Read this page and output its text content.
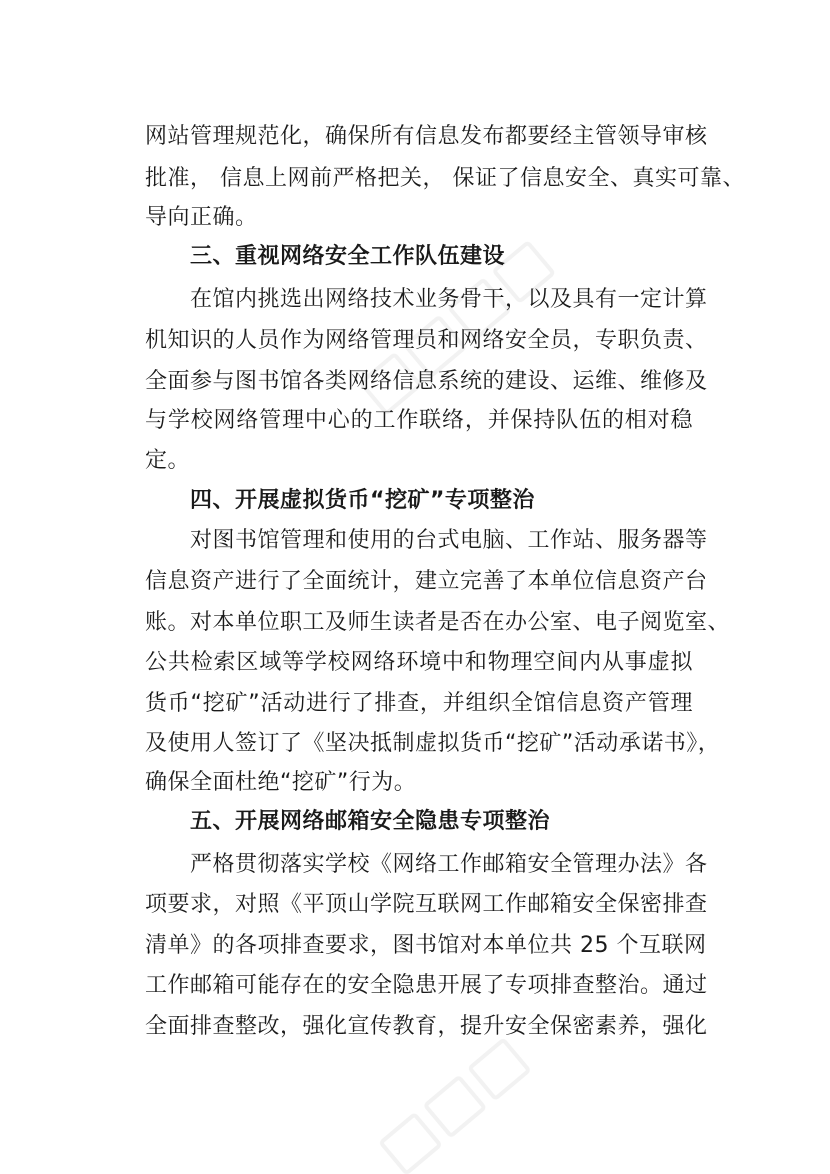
网站管理规范化，确保所有信息发布都要经主管领导审核
批准， 信息上网前严格把关， 保证了信息安全、真实可靠、
导向正确。
三、重视网络安全工作队伍建设
在馆内挑选出网络技术业务骨干，以及具有一定计算
机知识的人员作为网络管理员和网络安全员，专职负责、
全面参与图书馆各类网络信息系统的建设、运维、维修及
与学校网络管理中心的工作联络，并保持队伍的相对稳
定。
四、开展虚拟货币“挖矿”专项整治
对图书馆管理和使用的台式电脑、工作站、服务器等
信息资产进行了全面统计，建立完善了本单位信息资产台
账。对本单位职工及师生读者是否在办公室、电子阅览室、
公共检索区域等学校网络环境中和物理空间内从事虚拟
货币“挖矿”活动进行了排查，并组织全馆信息资产管理
及使用人签订了《坚决抵制虚拟货币“挖矿”活动承诺书》，
确保全面杜绝“挖矿”行为。
五、开展网络邮箱安全隐患专项整治
严格贯彻落实学校《网络工作邮箱安全管理办法》各
项要求，对照《平顶山学院互联网工作邮箱安全保密排查
清单》的各项排查要求，图书馆对本单位共 25 个互联网
工作邮箱可能存在的安全隐患开展了专项排查整治。通过
全面排查整改，强化宣传教育，提升安全保密素养，强化
